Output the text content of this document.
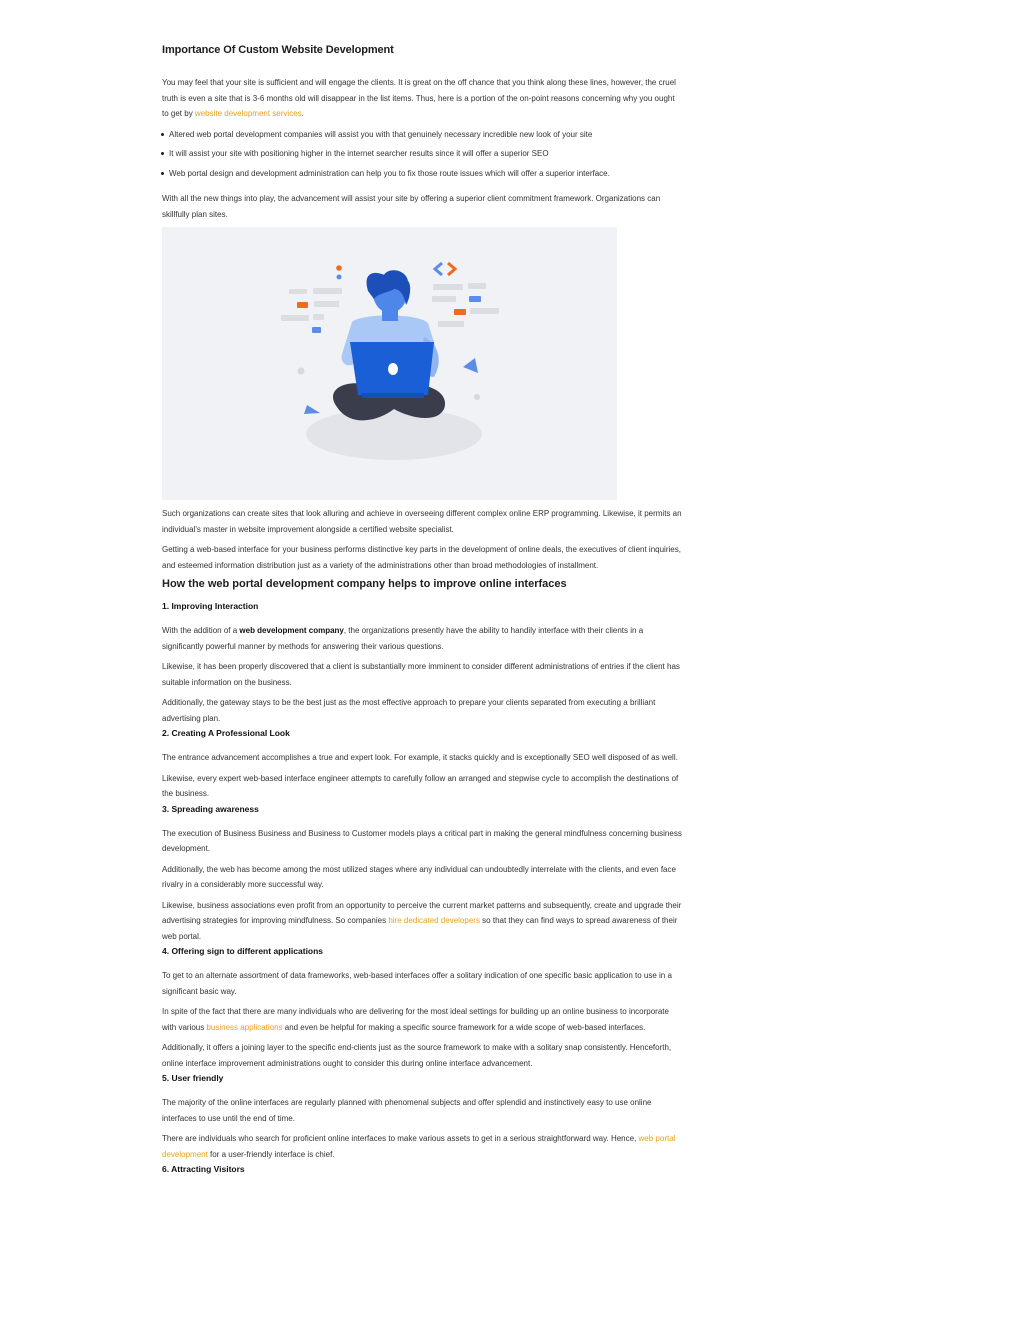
Importance Of Custom Website Development

You may feel that your site is sufficient and will engage the clients. It is great on the off chance that you think along these lines, however, the cruel truth is even a site that is 3-6 months old will disappear in the list items. Thus, here is a portion of the on-point reasons concerning why you ought to get by website development services.

Altered web portal development companies will assist you with that genuinely necessary incredible new look of your site
It will assist your site with positioning higher in the internet searcher results since it will offer a superior SEO
Web portal design and development administration can help you to fix those route issues which will offer a superior interface.

With all the new things into play, the advancement will assist your site by offering a superior client commitment framework. Organizations can skillfully plan sites.

Such organizations can create sites that look alluring and achieve in overseeing different complex online ERP programming. Likewise, it permits an individual's master in website improvement alongside a certified website specialist.

Getting a web-based interface for your business performs distinctive key parts in the development of online deals, the executives of client inquiries, and esteemed information distribution just as a variety of the administrations other than broad methodologies of installment.

How the web portal development company helps to improve online interfaces
1. Improving Interaction

With the addition of a web development company, the organizations presently have the ability to handily interface with their clients in a significantly powerful manner by methods for answering their various questions.

Likewise, it has been properly discovered that a client is substantially more imminent to consider different administrations of entries if the client has suitable information on the business.

Additionally, the gateway stays to be the best just as the most effective approach to prepare your clients separated from executing a brilliant advertising plan.

2. Creating A Professional Look

The entrance advancement accomplishes a true and expert look. For example, it stacks quickly and is exceptionally SEO well disposed of as well.

Likewise, every expert web-based interface engineer attempts to carefully follow an arranged and stepwise cycle to accomplish the destinations of the business.

3. Spreading awareness

The execution of Business Business and Business to Customer models plays a critical part in making the general mindfulness concerning business development.

Additionally, the web has become among the most utilized stages where any individual can undoubtedly interrelate with the clients, and even face rivalry in a considerably more successful way.

Likewise, business associations even profit from an opportunity to perceive the current market patterns and subsequently, create and upgrade their advertising strategies for improving mindfulness. So companies hire dedicated developers so that they can find ways to spread awareness of their web portal.

4. Offering sign to different applications

To get to an alternate assortment of data frameworks, web-based interfaces offer a solitary indication of one specific basic application to use in a significant basic way.

In spite of the fact that there are many individuals who are delivering for the most ideal settings for building up an online business to incorporate with various business applications and even be helpful for making a specific source framework for a wide scope of web-based interfaces.

Additionally, it offers a joining layer to the specific end-clients just as the source framework to make with a solitary snap consistently. Henceforth, online interface improvement administrations ought to consider this during online interface advancement.

5. User friendly

The majority of the online interfaces are regularly planned with phenomenal subjects and offer splendid and instinctively easy to use online interfaces to use until the end of time.

There are individuals who search for proficient online interfaces to make various assets to get in a serious straightforward way. Hence, web portal development for a user-friendly interface is chief.

6. Attracting Visitors
